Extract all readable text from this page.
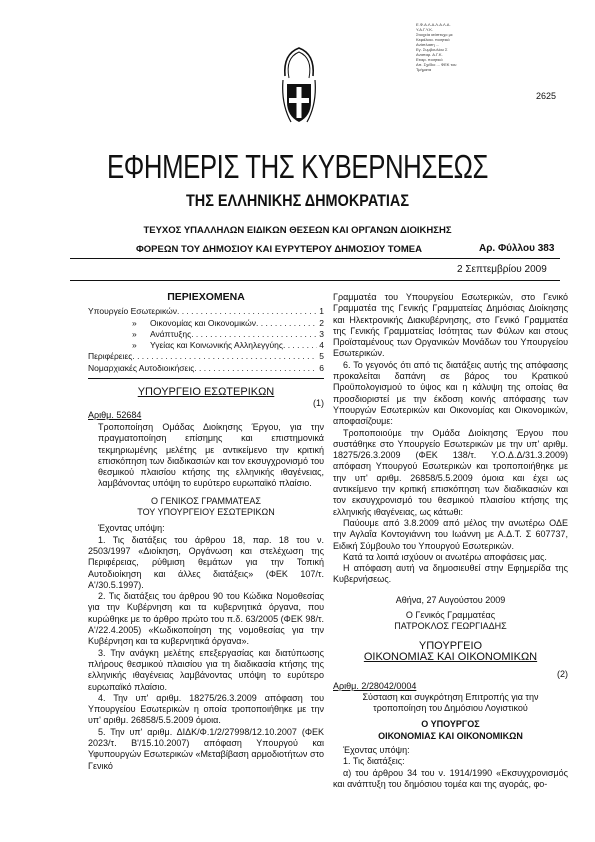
Ε.Φ.Α.Λ.Α.Λ.Α.Λ.Α.
Υ.Α.Γ.Υ.Κ.
Στοιχεία ισάπτυχο με
Κεφάλαιο. ποιητικό
Ανάπλαση ...
Εγ. Συμβουλίου Σ
Αναπαρ. Α.Γ.Κ.
Εταιρ. ποιητικό
Απ. Σχέδιο ... ΦΕΚ του
Τμήματα
2625
ΕΦΗΜΕΡΙΣ ΤΗΣ ΚΥΒΕΡΝΗΣΕΩΣ
ΤΗΣ ΕΛΛΗΝΙΚΗΣ ΔΗΜΟΚΡΑΤΙΑΣ
ΤΕΥΧΟΣ ΥΠΑΛΛΗΛΩΝ ΕΙΔΙΚΩΝ ΘΕΣΕΩΝ ΚΑΙ ΟΡΓΑΝΩΝ ΔΙΟΙΚΗΣΗΣ
ΦΟΡΕΩΝ ΤΟΥ ΔΗΜΟΣΙΟΥ ΚΑΙ ΕΥΡΥΤΕΡΟΥ ΔΗΜΟΣΙΟΥ ΤΟΜΕΑ	Αρ. Φύλλου 383
2 Σεπτεμβρίου 2009
ΠΕΡΙΕΧΟΜΕΝΑ
Υπουργείο Εσωτερικών . . .	1
» Οικονομίας και Οικονομικών . . .	2
» Ανάπτυξης . . .	3
» Υγείας και Κοινωνικής Αλληλεγγύης . . .	4
Περιφέρειες . . .	5
Νομαρχιακές Αυτοδιοικήσεις . . .	6
ΥΠΟΥΡΓΕΙΟ ΕΣΩΤΕΡΙΚΩΝ
(1)
Αριθμ. 52684

Τροποποίηση Ομάδας Διοίκησης Έργου, για την πραγματοποίηση επίσημης και επιστημονικά τεκμηριωμένης μελέτης με αντικείμενο την κριτική επισκόπηση των διαδικασιών και τον εκσυγχρονισμό του θεσμικού πλαισίου κτήσης της ελληνικής ιθαγένειας, λαμβάνοντας υπόψη το ευρύτερο ευρωπαϊκό πλαίσιο.

Ο ΓΕΝΙΚΟΣ ΓΡΑΜΜΑΤΕΑΣ
ΤΟΥ ΥΠΟΥΡΓΕΙΟΥ ΕΣΩΤΕΡΙΚΩΝ

Έχοντας υπόψη:

1. Τις διατάξεις του άρθρου 18, παρ. 18 του ν. 2503/1997 «Διοίκηση, Οργάνωση και στελέχωση της Περιφέρειας, ρύθμιση θεμάτων για την Τοπική Αυτοδιοίκηση και άλλες διατάξεις» (ΦΕΚ 107/τ. Α'/30.5.1997).

2. Τις διατάξεις του άρθρου 90 του Κώδικα Νομοθεσίας για την Κυβέρνηση και τα κυβερνητικά όργανα, που κυρώθηκε με το άρθρο πρώτο του π.δ. 63/2005 (ΦΕΚ 98/τ. Α'/22.4.2005) «Κωδικοποίηση της νομοθεσίας για την Κυβέρνηση και τα κυβερνητικά όργανα».

3. Την ανάγκη μελέτης επεξεργασίας και διατύπωσης πλήρους θεσμικού πλαισίου για τη διαδικασία κτήσης της ελληνικής ιθαγένειας λαμβάνοντας υπόψη το ευρύτερο ευρωπαϊκό πλαίσιο.

4. Την υπ' αριθμ. 18275/26.3.2009 απόφαση του Υπουργείου Εσωτερικών η οποία τροποποιήθηκε με την υπ' αριθμ. 26858/5.5.2009 όμοια.

5. Την υπ' αριθμ. ΔΙΔΚ/Φ.1/2/27998/12.10.2007 (ΦΕΚ 2023/τ. Β'/15.10.2007) απόφαση Υπουργού και Υφυπουργών Εσωτερικών «Μεταβίβαση αρμοδιοτήτων στο Γενικό

Γραμματέα του Υπουργείου Εσωτερικών, στο Γενικό Γραμματέα της Γενικής Γραμματείας Δημόσιας Διοίκησης και Ηλεκτρονικής Διακυβέρνησης, στο Γενικό Γραμματέα της Γενικής Γραμματείας Ισότητας των Φύλων και στους Προϊσταμένους των Οργανικών Μονάδων του Υπουργείου Εσωτερικών.

6. Το γεγονός ότι από τις διατάξεις αυτής της απόφασης προκαλείται δαπάνη σε βάρος του Κρατικού Προϋπολογισμού το ύψος και η κάλυψη της οποίας θα προσδιοριστεί με την έκδοση κοινής απόφασης των Υπουργών Εσωτερικών και Οικονομίας και Οικονομικών, αποφασίζουμε:

Τροποποιούμε την Ομάδα Διοίκησης Έργου που συστάθηκε στο Υπουργείο Εσωτερικών με την υπ' αριθμ. 18275/26.3.2009 (ΦΕΚ 138/τ. Υ.Ο.Δ.Δ/31.3.2009) απόφαση Υπουργού Εσωτερικών και τροποποιήθηκε με την υπ' αριθμ. 26858/5.5.2009 όμοια και έχει ως αντικείμενο την κριτική επισκόπηση των διαδικασιών και τον εκσυγχρονισμό του θεσμικού πλαισίου κτήσης της ελληνικής ιθαγένειας, ως κάτωθι:

Παύουμε από 3.8.2009 από μέλος την ανωτέρω ΟΔΕ την Αγλαΐα Κοντογιάννη του Ιωάννη με Α.Δ.Τ. Σ 607737, Ειδική Σύμβουλο του Υπουργού Εσωτερικών.

Κατά τα λοιπά ισχύουν οι ανωτέρω αποφάσεις μας.

Η απόφαση αυτή να δημοσιευθεί στην Εφημερίδα της Κυβερνήσεως.

Αθήνα, 27 Αυγούστου 2009
Ο Γενικός Γραμματέας
ΠΑΤΡΟΚΛΟΣ ΓΕΩΡΓΙΑΔΗΣ
ΥΠΟΥΡΓΕΙΟ
ΟΙΚΟΝΟΜΙΑΣ ΚΑΙ ΟΙΚΟΝΟΜΙΚΩΝ
(2)
Αριθμ. 2/28042/0004
Σύσταση και συγκρότηση Επιτροπής για την τροποποίηση του Δημόσιου Λογιστικού
Ο ΥΠΟΥΡΓΟΣ
ΟΙΚΟΝΟΜΙΑΣ ΚΑΙ ΟΙΚΟΝΟΜΙΚΩΝ

Έχοντας υπόψη:

1. Τις διατάξεις:

α) του άρθρου 34 του ν. 1914/1990 «Εκσυγχρονισμός και ανάπτυξη του δημόσιου τομέα και της αγοράς, φο-
